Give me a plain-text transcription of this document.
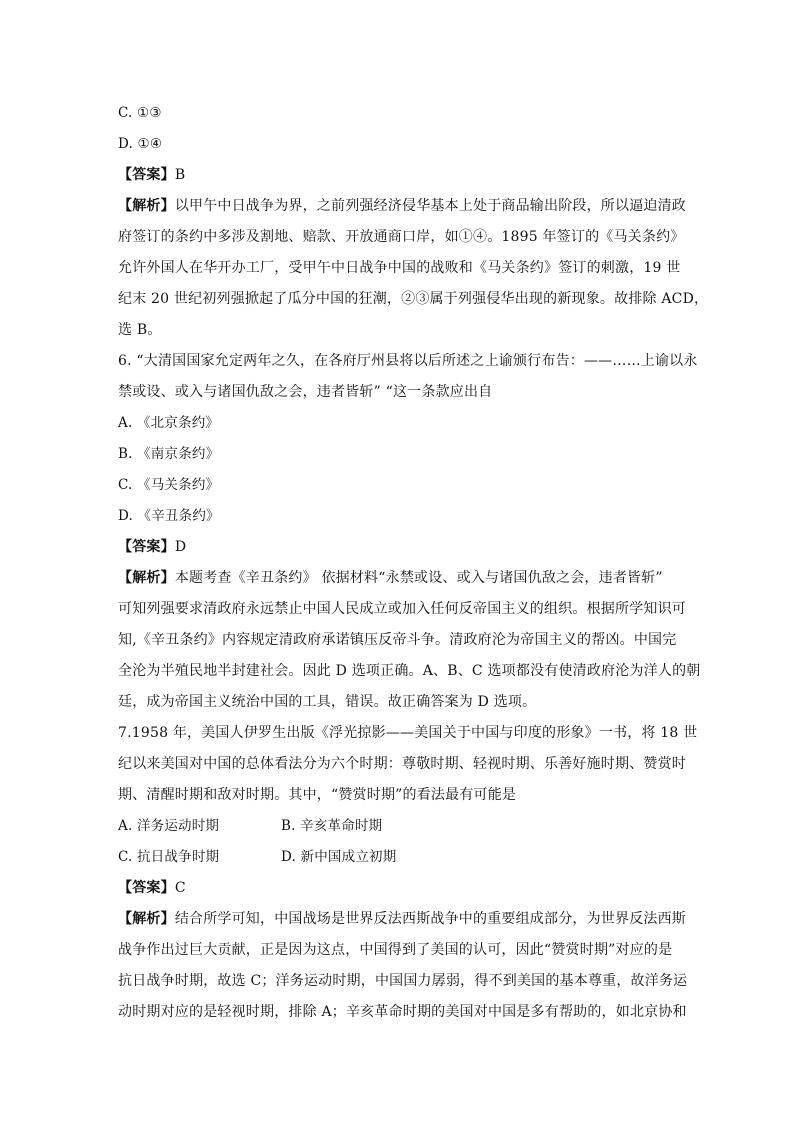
C. ①③
D. ①④
【答案】B
【解析】以甲午中日战争为界，之前列强经济侵华基本上处于商品输出阶段，所以逼迫清政
府签订的条约中多涉及割地、赔款、开放通商口岸，如①④。1895 年签订的《马关条约》
允许外国人在华开办工厂，受甲午中日战争中国的战败和《马关条约》签订的刺激，19 世
纪末 20 世纪初列强掀起了瓜分中国的狂潮，②③属于列强侵华出现的新现象。故排除 ACD，
选 B。
6. “大清国国家允定两年之久，在各府厅州县将以后所述之上谕颁行布告：——……上谕以永
禁或设、或入与诸国仇敌之会，违者皆斩” “这一条款应出自
A. 《北京条约》
B. 《南京条约》
C. 《马关条约》
D. 《辛丑条约》
【答案】D
【解析】本题考查《辛丑条约》 依据材料“永禁或设、或入与诸国仇敌之会，违者皆斩”
可知列强要求清政府永远禁止中国人民成立或加入任何反帝国主义的组织。根据所学知识可
知,《辛丑条约》内容规定清政府承诺镇压反帝斗争。清政府沦为帝国主义的帮凶。中国完
全沦为半殖民地半封建社会。因此 D 选项正确。A、B、C 选项都没有使清政府沦为洋人的朝
廷，成为帝国主义统治中国的工具，错误。故正确答案为 D 选项。
7.1958 年，美国人伊罗生出版《浮光掠影——美国关于中国与印度的形象》一书，将 18 世
纪以来美国对中国的总体看法分为六个时期：尊敬时期、轻视时期、乐善好施时期、赞赏时
期、清醒时期和敌对时期。其中，“赞赏时期”的看法最有可能是
A. 洋务运动时期	B. 辛亥革命时期
C. 抗日战争时期	D. 新中国成立初期
【答案】C
【解析】结合所学可知，中国战场是世界反法西斯战争中的重要组成部分，为世界反法西斯
战争作出过巨大贡献，正是因为这点，中国得到了美国的认可，因此“赞赏时期”对应的是
抗日战争时期，故选 C；洋务运动时期，中国国力孱弱，得不到美国的基本尊重，故洋务运
动时期对应的是轻视时期，排除 A；辛亥革命时期的美国对中国是多有帮助的，如北京协和
